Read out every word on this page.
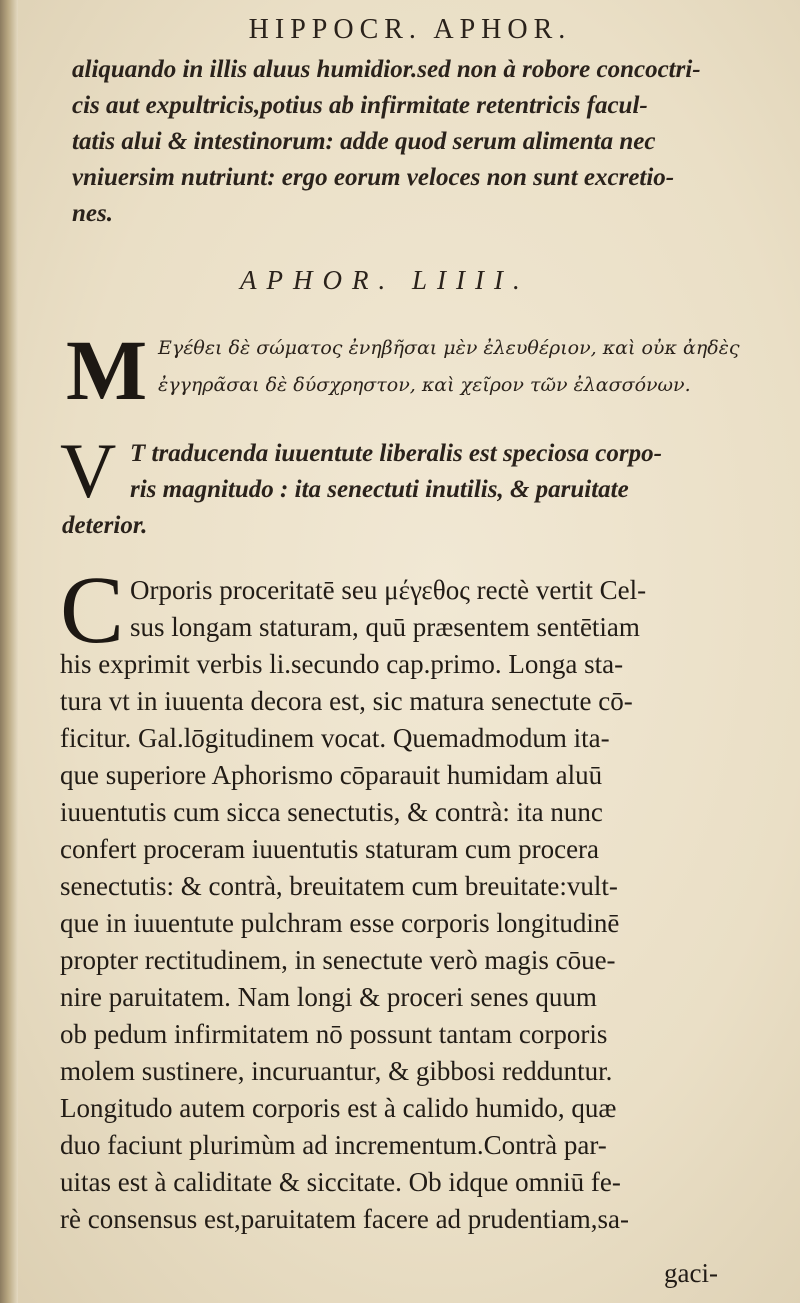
HIPPOCR. APHOR.
aliquando in illis aluus humidior.sed non à robore concoctri-
cis aut expultricis,potius ab infirmitate retentricis facul-
tatis alui & intestinorum: adde quod serum alimenta nec
vniuersim nutriunt: ergo eorum veloces non sunt excretio-
nes.
APHOR. LIIII.
M Εγέθει δὲ σώματος ἐνηβῆσαι μὲν ἐλευθέριον, καὶ οὐκ ἀηδὲς
ἐγγηρᾶσαι δὲ δύσχρηστον, καὶ χεῖρον τῶν ἐλασσόνων.
V T traducenda iuuentute liberalis est speciosa corpo-
ris magnitudo : ita senectuti inutilis, & paruitate
deterior.
C Orporis proceritatē seu μέγεθος rectè vertit Cel-
sus longam staturam, quū præsentem sentētiam
his exprimit verbis li.secundo cap.primo. Longa sta-
tura vt in iuuenta decora est, sic matura senectute cō-
ficitur. Gal.lōgitudinem vocat. Quemadmodum ita-
que superiore Aphorismo cōparauit humidam aluū
iuuentutis cum sicca senectutis, & contrà: ita nunc
confert proceram iuuentutis staturam cum procera
senectutis: & contrà, breuitatem cum breuitate:vult-
que in iuuentute pulchram esse corporis longitudinē
propter rectitudinem, in senectute verò magis cōue-
nire paruitatem. Nam longi & proceri senes quum
ob pedum infirmitatem nō possunt tantam corporis
molem sustinere, incuruantur, & gibbosi redduntur.
Longitudo autem corporis est à calido humido, quæ
duo faciunt plurimùm ad incrementum.Contrà par-
uitas est à caliditate & siccitate. Ob idque omniū fe-
rè consensus est,paruitatem facere ad prudentiam,sa-
gaci-
